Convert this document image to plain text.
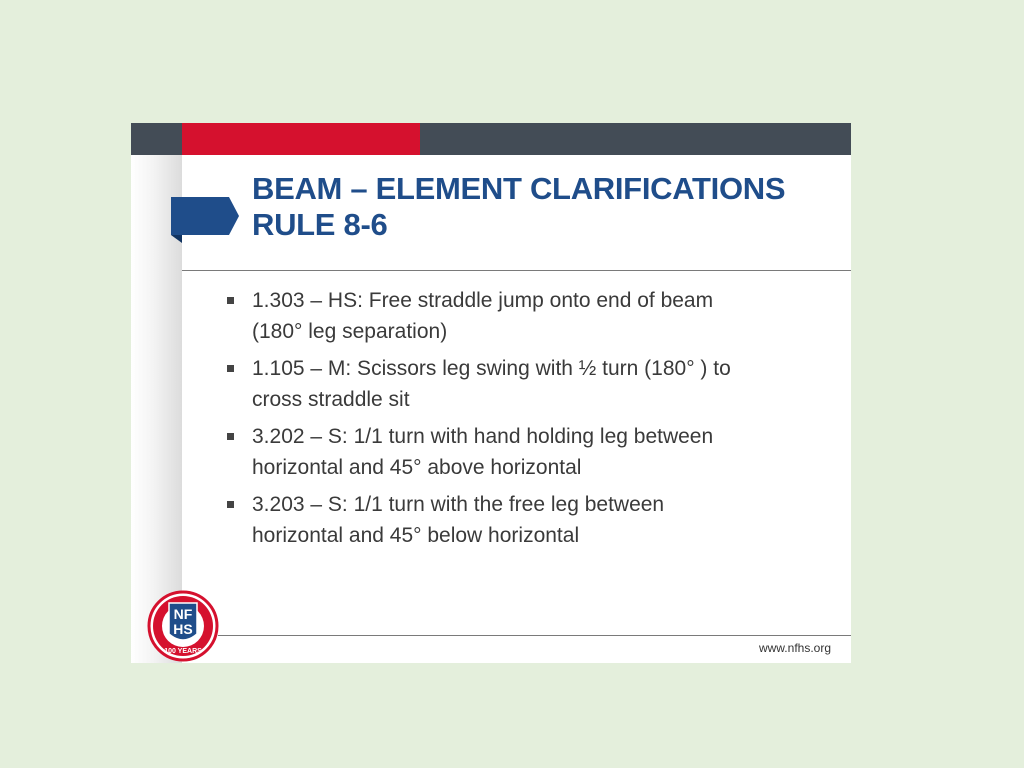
BEAM – ELEMENT CLARIFICATIONS
RULE 8-6
1.303 – HS: Free straddle jump onto end of beam
(180° leg separation)
1.105 – M: Scissors leg swing with ½ turn (180° ) to
cross straddle sit
3.202 – S: 1/1 turn with hand holding leg between
horizontal and 45° above horizontal
3.203 – S: 1/1 turn with the free leg between
horizontal and 45° below horizontal
www.nfhs.org
NF
HS
100 YEARS
